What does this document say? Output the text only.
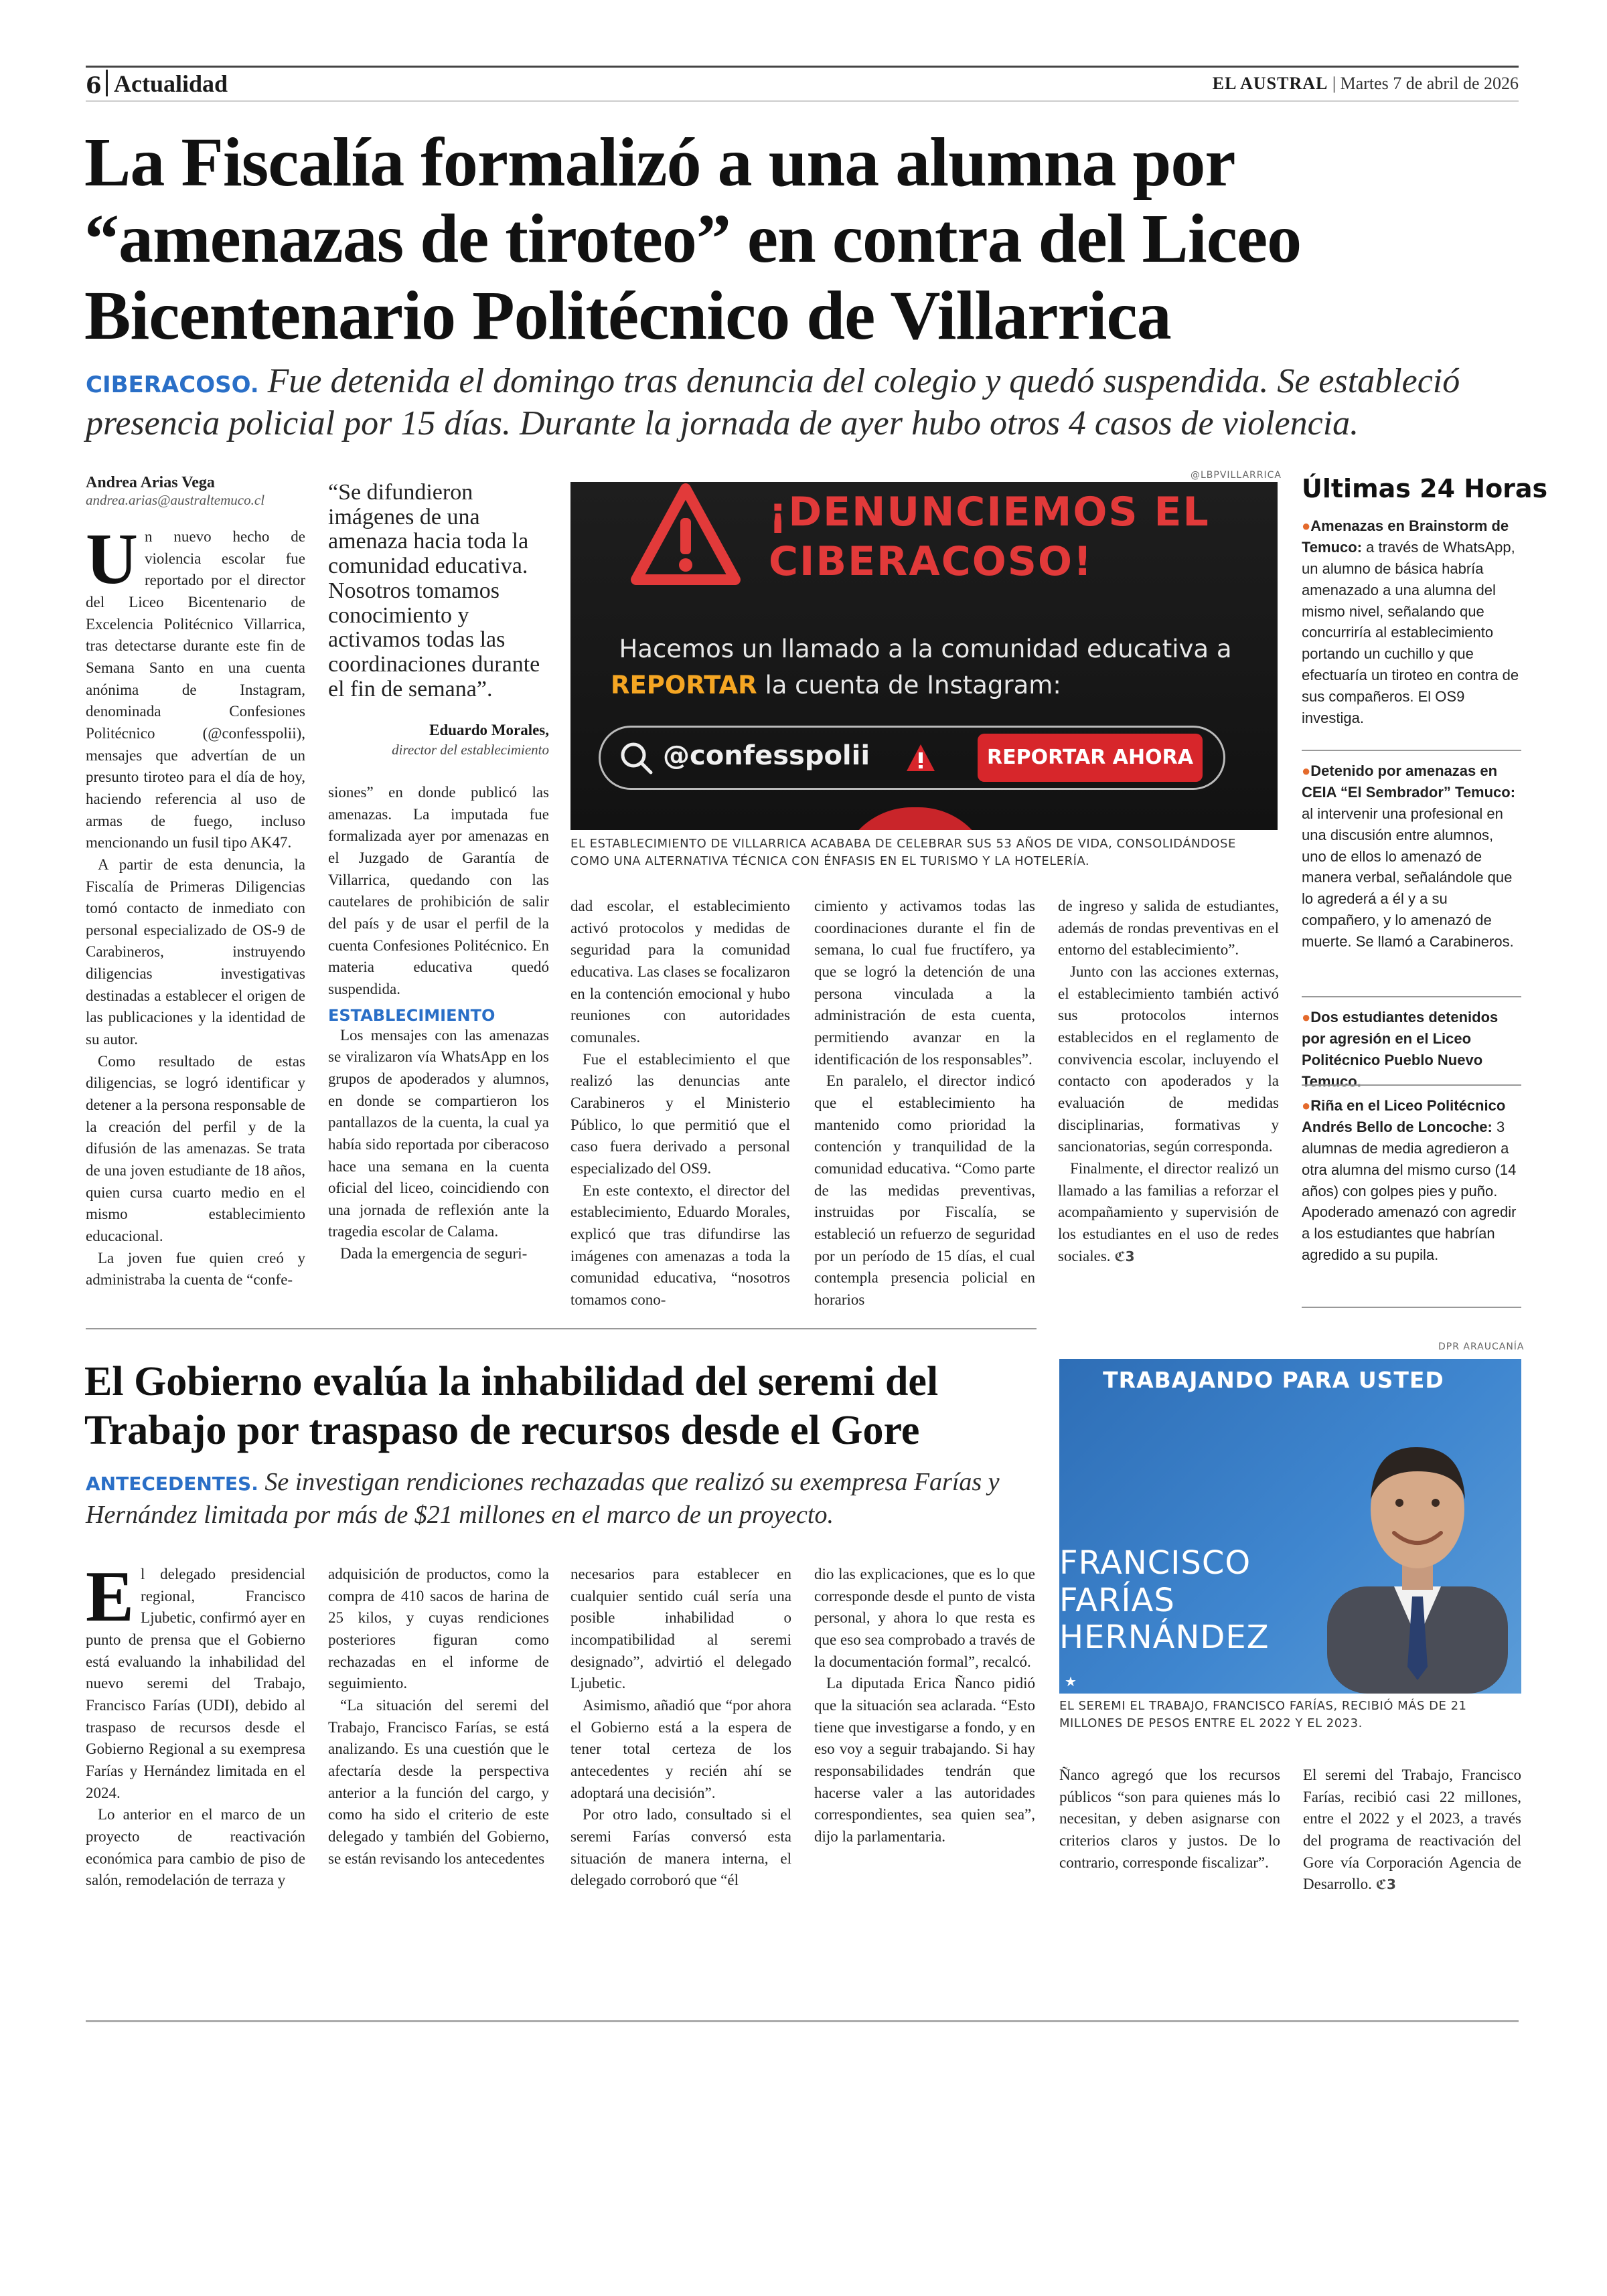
6 Actualidad	EL AUSTRAL | Martes 7 de abril de 2026
La Fiscalía formalizó a una alumna por “amenazas de tiroteo” en contra del Liceo Bicentenario Politécnico de Villarrica
CIBERACOSO. Fue detenida el domingo tras denuncia del colegio y quedó suspendida. Se estableció presencia policial por 15 días. Durante la jornada de ayer hubo otros 4 casos de violencia.
Andrea Arias Vega
andrea.arias@australtemuco.cl

Un nuevo hecho de violencia escolar fue reportado por el director del Liceo Bicentenario de Excelencia Politécnico Villarrica, tras detectarse durante este fin de Semana Santo en una cuenta anónima de Instagram, denominada Confesiones Politécnico (@confesspolii), mensajes que advertían de un presunto tiroteo para el día de hoy, haciendo referencia al uso de armas de fuego, incluso mencionando un fusil tipo AK47.

A partir de esta denuncia, la Fiscalía de Primeras Diligencias tomó contacto de inmediato con personal especializado de OS-9 de Carabineros, instruyendo diligencias investigativas destinadas a establecer el origen de las publicaciones y la identidad de su autor.

Como resultado de estas diligencias, se logró identificar y detener a la persona responsable de la creación del perfil y de la difusión de las amenazas. Se trata de una joven estudiante de 18 años, quien cursa cuarto medio en el mismo establecimiento educacional.

La joven fue quien creó y administraba la cuenta de “confe-

“Se difundieron imágenes de una amenaza hacia toda la comunidad educativa. Nosotros tomamos conocimiento y activamos todas las coordinaciones durante el fin de semana”.
Eduardo Morales,
director del establecimiento

siones” en donde publicó las amenazas. La imputada fue formalizada ayer por amenazas en el Juzgado de Garantía de Villarrica, quedando con las cautelares de prohibición de salir del país y de usar el perfil de la cuenta Confesiones Politécnico. En materia educativa quedó suspendida.

ESTABLECIMIENTO

Los mensajes con las amenazas se viralizaron vía WhatsApp en los grupos de apoderados y alumnos, en donde se compartieron los pantallazos de la cuenta, la cual ya había sido reportada por ciberacoso hace una semana en la cuenta oficial del liceo, coincidiendo con una jornada de reflexión ante la tragedia escolar de Calama.

Dada la emergencia de seguri-

@LBPVILLARRICA
¡DENUNCIEMOS EL
CIBERACOSO!
Hacemos un llamado a la comunidad educativa a
REPORTAR la cuenta de Instagram:
@confesspolii	REPORTAR AHORA
EL ESTABLECIMIENTO DE VILLARRICA ACABABA DE CELEBRAR SUS 53 AÑOS DE VIDA, CONSOLIDÁNDOSE COMO UNA ALTERNATIVA TÉCNICA CON ÉNFASIS EN EL TURISMO Y LA HOTELERÍA.

dad escolar, el establecimiento activó protocolos y medidas de seguridad para la comunidad educativa. Las clases se focalizaron en la contención emocional y hubo reuniones con autoridades comunales.

Fue el establecimiento el que realizó las denuncias ante Carabineros y el Ministerio Público, lo que permitió que el caso fuera derivado a personal especializado del OS9.

En este contexto, el director del establecimiento, Eduardo Morales, explicó que tras difundirse las imágenes con amenazas a toda la comunidad educativa, “nosotros tomamos cono-

cimiento y activamos todas las coordinaciones durante el fin de semana, lo cual fue fructífero, ya que se logró la detención de una persona vinculada a la administración de esta cuenta, permitiendo avanzar en la identificación de los responsables”.

En paralelo, el director indicó que el establecimiento ha mantenido como prioridad la contención y tranquilidad de la comunidad educativa. “Como parte de las medidas preventivas, instruidas por Fiscalía, se estableció un refuerzo de seguridad por un período de 15 días, el cual contempla presencia policial en horarios

de ingreso y salida de estudiantes, además de rondas preventivas en el entorno del establecimiento”.

Junto con las acciones externas, el establecimiento también activó sus protocolos internos establecidos en el reglamento de convivencia escolar, incluyendo el contacto con apoderados y la evaluación de medidas disciplinarias, formativas y sancionatorias, según corresponda.

Finalmente, el director realizó un llamado a las familias a reforzar el acompañamiento y supervisión de los estudiantes en el uso de redes sociales. ℭ3

Últimas 24 Horas
●Amenazas en Brainstorm de Temuco: a través de WhatsApp, un alumno de básica habría amenazado a una alumna del mismo nivel, señalando que concurriría al establecimiento portando un cuchillo y que efectuaría un tiroteo en contra de sus compañeros. El OS9 investiga.
●Detenido por amenazas en CEIA “El Sembrador” Temuco: al intervenir una profesional en una discusión entre alumnos, uno de ellos lo amenazó de manera verbal, señalándole que lo agrederá a él y a su compañero, y lo amenazó de muerte. Se llamó a Carabineros.
●Dos estudiantes detenidos por agresión en el Liceo Politécnico Pueblo Nuevo Temuco.
●Riña en el Liceo Politécnico Andrés Bello de Loncoche: 3 alumnas de media agredieron a otra alumna del mismo curso (14 años) con golpes pies y puño. Apoderado amenazó con agredir a los estudiantes que habrían agredido a su pupila.
El Gobierno evalúa la inhabilidad del seremi del Trabajo por traspaso de recursos desde el Gore
ANTECEDENTES. Se investigan rendiciones rechazadas que realizó su exempresa Farías y Hernández limitada por más de $21 millones en el marco de un proyecto.
DPR ARAUCANÍA
TRABAJANDO PARA USTED
FRANCISCO
FARÍAS
HERNÁNDEZ
★
EL SEREMI EL TRABAJO, FRANCISCO FARÍAS, RECIBIÓ MÁS DE 21 MILLONES DE PESOS ENTRE EL 2022 Y EL 2023.

El delegado presidencial regional, Francisco Ljubetic, confirmó ayer en punto de prensa que el Gobierno está evaluando la inhabilidad del nuevo seremi del Trabajo, Francisco Farías (UDI), debido al traspaso de recursos desde el Gobierno Regional a su exempresa Farías y Hernández limitada en el 2024.

Lo anterior en el marco de un proyecto de reactivación económica para cambio de piso de salón, remodelación de terraza y

adquisición de productos, como la compra de 410 sacos de harina de 25 kilos, y cuyas rendiciones posteriores figuran como rechazadas en el informe de seguimiento.

“La situación del seremi del Trabajo, Francisco Farías, se está analizando. Es una cuestión que le afectaría desde la perspectiva anterior a la función del cargo, y como ha sido el criterio de este delegado y también del Gobierno, se están revisando los antecedentes

necesarios para establecer en cualquier sentido cuál sería una posible inhabilidad o incompatibilidad al seremi designado”, advirtió el delegado Ljubetic.

Asimismo, añadió que “por ahora el Gobierno está a la espera de tener total certeza de los antecedentes y recién ahí se adoptará una decisión”.

Por otro lado, consultado si el seremi Farías conversó esta situación de manera interna, el delegado corroboró que “él

dio las explicaciones, que es lo que corresponde desde el punto de vista personal, y ahora lo que resta es que eso sea comprobado a través de la documentación formal”, recalcó.

La diputada Erica Ñanco pidió que la situación sea aclarada. “Esto tiene que investigarse a fondo, y en eso voy a seguir trabajando. Si hay responsabilidades tendrán que hacerse valer a las autoridades correspondientes, sea quien sea”, dijo la parlamentaria.

Ñanco agregó que los recursos públicos “son para quienes más lo necesitan, y deben asignarse con criterios claros y justos. De lo contrario, corresponde fiscalizar”.

El seremi del Trabajo, Francisco Farías, recibió casi 22 millones, entre el 2022 y el 2023, a través del programa de reactivación del Gore vía Corporación Agencia de Desarrollo. ℭ3
